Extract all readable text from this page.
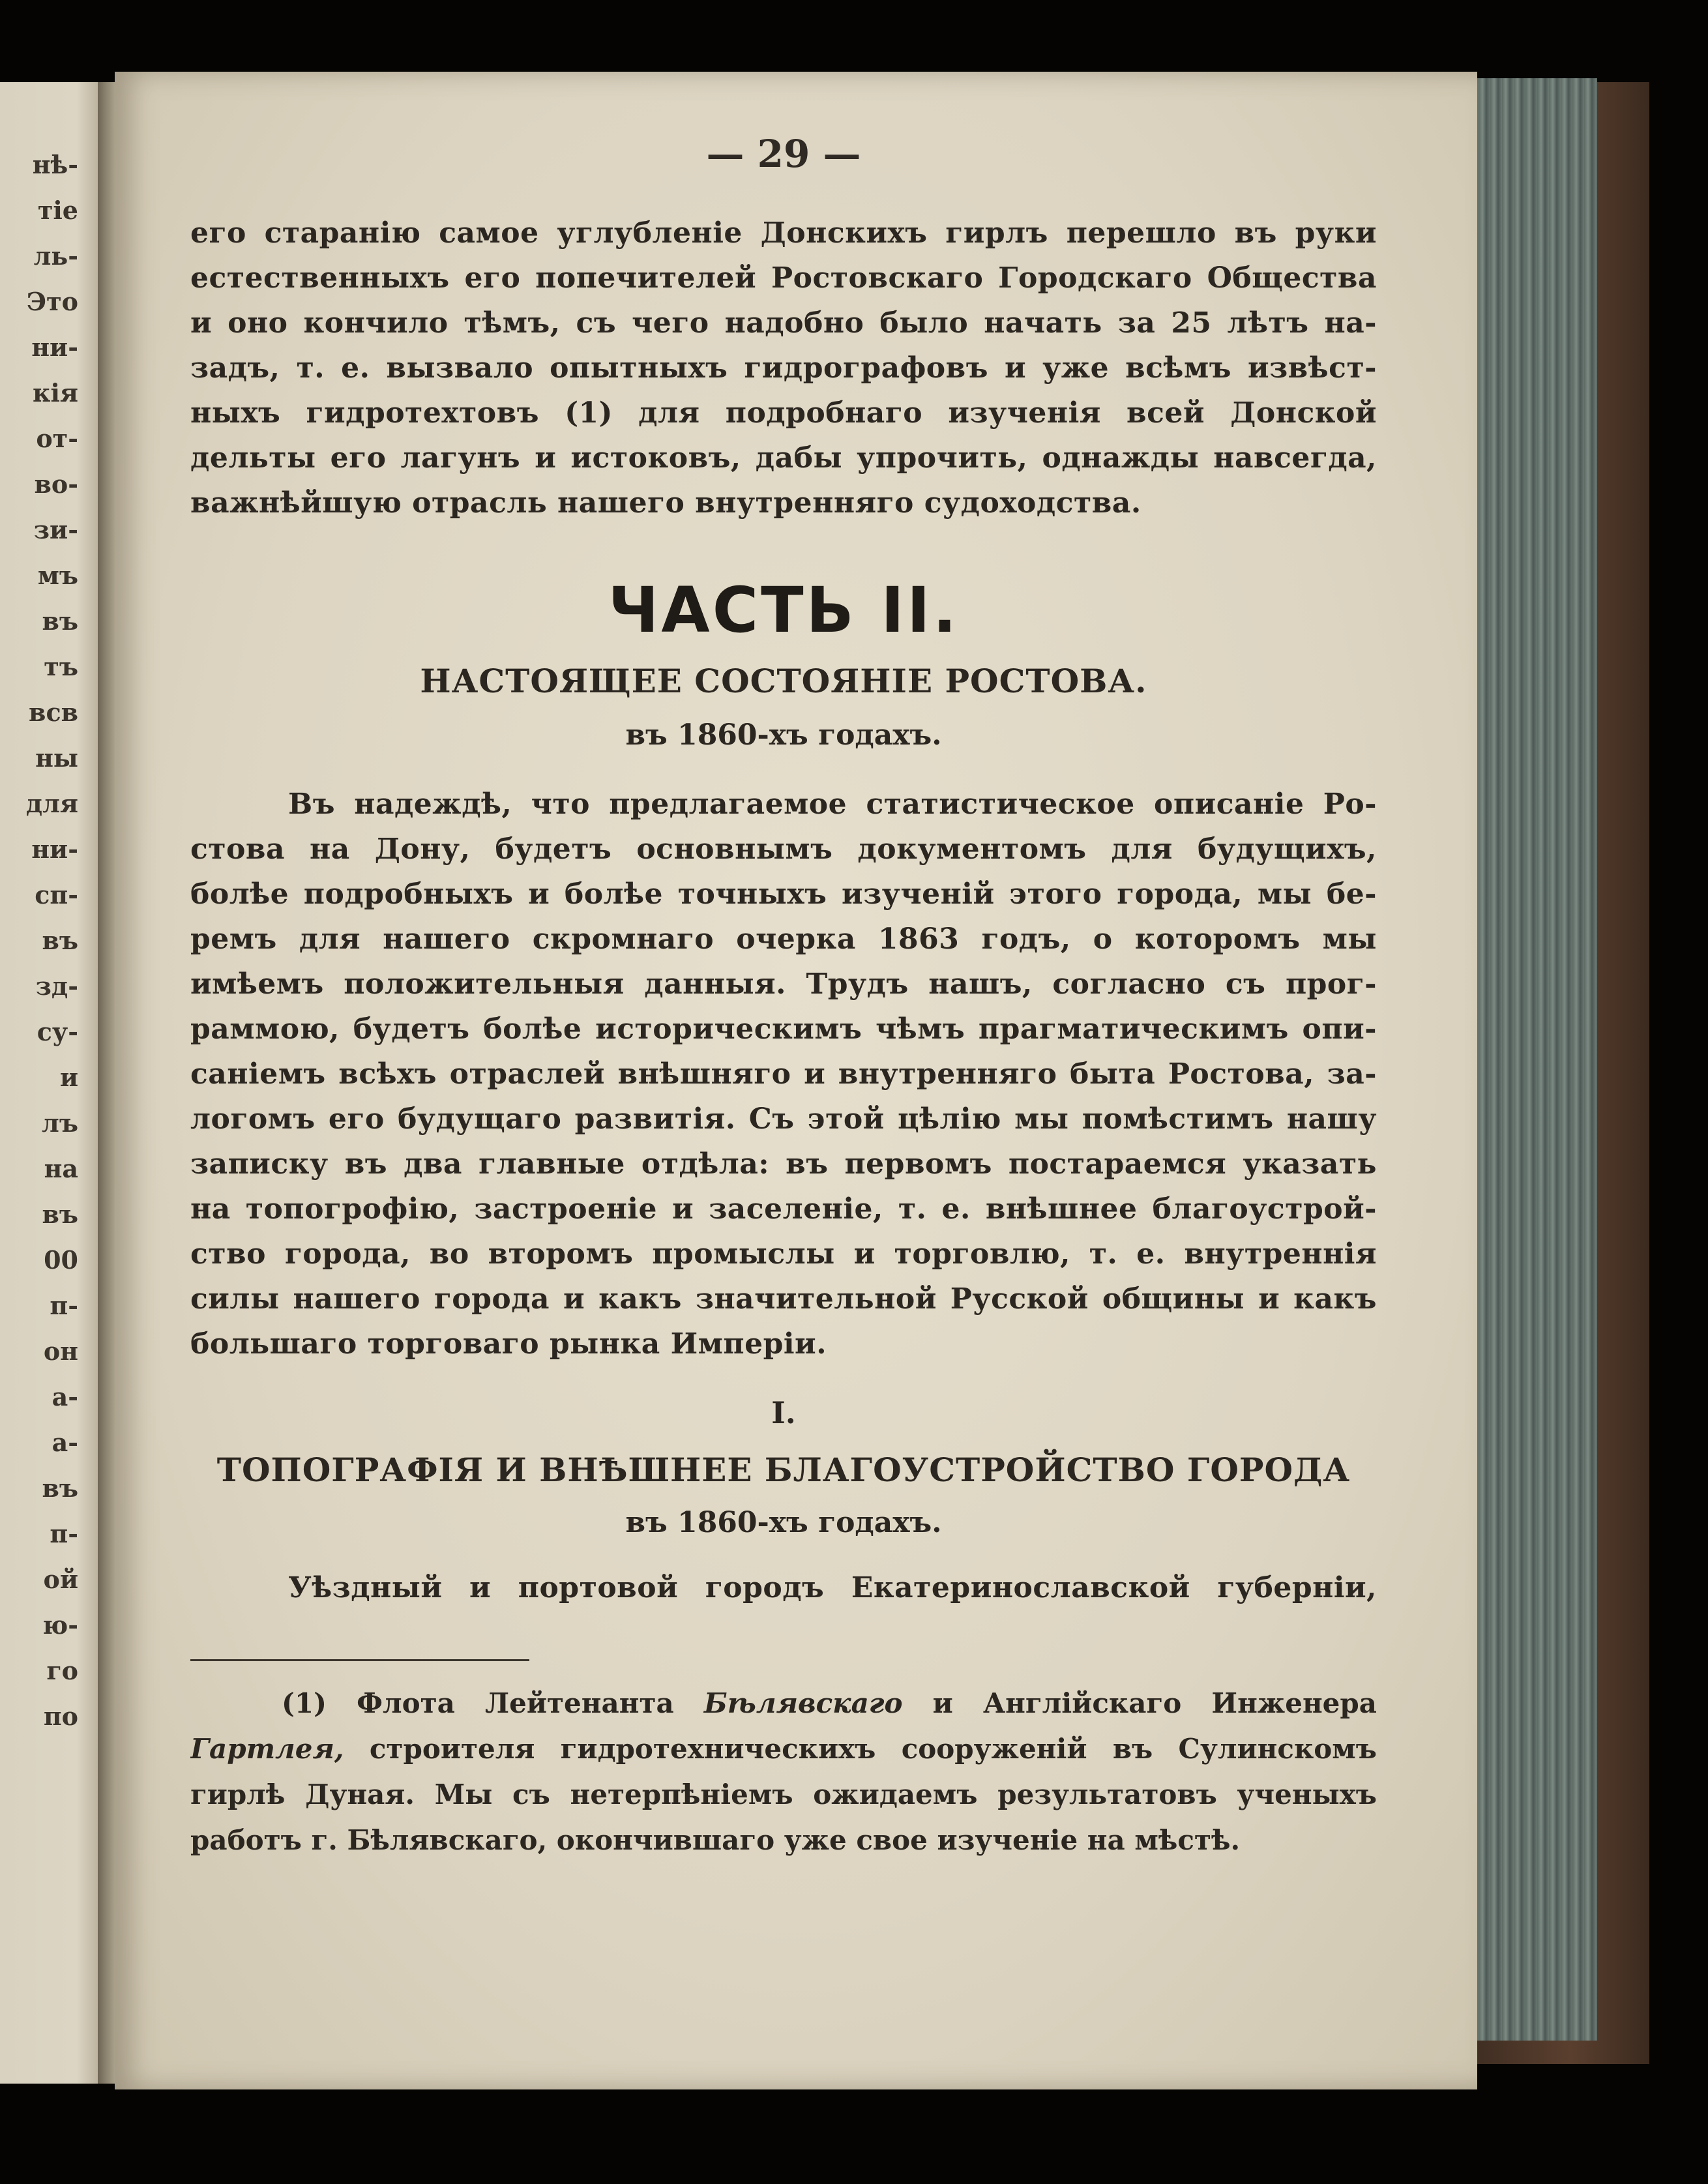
нѣ-
тіе
ль-
Это
ни-
кія
от-
во-
зи-
мъ
въ
тъ
всв
ны
для
ни-
сп-
въ
зд-
су-
и
лъ
на
въ
00
п-
он
а-
а-
въ
п-
ой
ю-
го
по
— 29 —
его старанію самое углубленіе Донскихъ гирлъ перешло въ руки
естественныхъ его попечителей Ростовскаго Городскаго Общества
и оно кончило тѣмъ, съ чего надобно было начать за 25 лѣтъ на-
задъ, т. е. вызвало опытныхъ гидрографовъ и уже всѣмъ извѣст-
ныхъ гидротехтовъ (1) для подробнаго изученія всей Донской
дельты его лагунъ и истоковъ, дабы упрочить, однажды навсегда,
важнѣйшую отрасль нашего внутренняго судоходства.
ЧАСТЬ II.
НАСТОЯЩЕЕ СОСТОЯНІЕ РОСТОВА.
въ 1860-хъ годахъ.
Въ надеждѣ, что предлагаемое статистическое описаніе Ро-
стова на Дону, будетъ основнымъ документомъ для будущихъ,
болѣе подробныхъ и болѣе точныхъ изученій этого города, мы бе-
ремъ для нашего скромнаго очерка 1863 годъ, о которомъ мы
имѣемъ положительныя данныя. Трудъ нашъ, согласно съ прог-
раммою, будетъ болѣе историческимъ чѣмъ прагматическимъ опи-
саніемъ всѣхъ отраслей внѣшняго и внутренняго быта Ростова, за-
логомъ его будущаго развитія. Съ этой цѣлію мы помѣстимъ нашу
записку въ два главные отдѣла: въ первомъ постараемся указать
на топогрофію, застроеніе и заселеніе, т. е. внѣшнее благоустрой-
ство города, во второмъ промыслы и торговлю, т. е. внутреннія
силы нашего города и какъ значительной Русской общины и какъ
большаго торговаго рынка Имперіи.
I.
ТОПОГРАФІЯ И ВНѢШНЕЕ БЛАГОУСТРОЙСТВО ГОРОДА
въ 1860-хъ годахъ.
Уѣздный и портовой городъ Екатеринославской губерніи,
(1) Флота Лейтенанта Бѣлявскаго и Англійскаго Инженера
Гартлея, строителя гидротехническихъ сооруженій въ Сулинскомъ
гирлѣ Дуная. Мы съ нетерпѣніемъ ожидаемъ результатовъ ученыхъ
работъ г. Бѣлявскаго, окончившаго уже свое изученіе на мѣстѣ.
